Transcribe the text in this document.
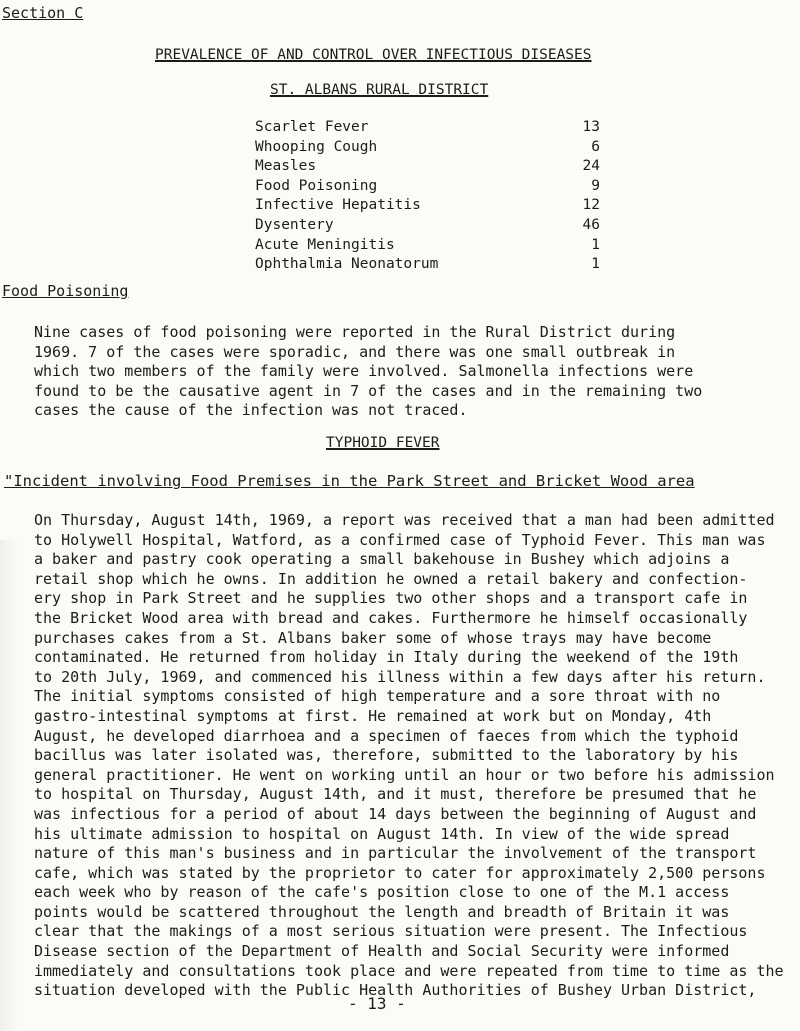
Section C
PREVALENCE OF AND CONTROL OVER INFECTIOUS DISEASES
ST. ALBANS RURAL DISTRICT
Scarlet Fever	13
Whooping Cough	6
Measles	24
Food Poisoning	9
Infective Hepatitis	12
Dysentery	46
Acute Meningitis	1
Ophthalmia Neonatorum	1
Food Poisoning
Nine cases of food poisoning were reported in the Rural District during
1969. 7 of the cases were sporadic, and there was one small outbreak in
which two members of the family were involved. Salmonella infections were
found to be the causative agent in 7 of the cases and in the remaining two
cases the cause of the infection was not traced.
TYPHOID FEVER
"Incident involving Food Premises in the Park Street and Bricket Wood area
On Thursday, August 14th, 1969, a report was received that a man had been admitted
to Holywell Hospital, Watford, as a confirmed case of Typhoid Fever. This man was
a baker and pastry cook operating a small bakehouse in Bushey which adjoins a
retail shop which he owns. In addition he owned a retail bakery and confection-
ery shop in Park Street and he supplies two other shops and a transport cafe in
the Bricket Wood area with bread and cakes. Furthermore he himself occasionally
purchases cakes from a St. Albans baker some of whose trays may have become
contaminated. He returned from holiday in Italy during the weekend of the 19th
to 20th July, 1969, and commenced his illness within a few days after his return.
The initial symptoms consisted of high temperature and a sore throat with no
gastro-intestinal symptoms at first. He remained at work but on Monday, 4th
August, he developed diarrhoea and a specimen of faeces from which the typhoid
bacillus was later isolated was, therefore, submitted to the laboratory by his
general practitioner. He went on working until an hour or two before his admission
to hospital on Thursday, August 14th, and it must, therefore be presumed that he
was infectious for a period of about 14 days between the beginning of August and
his ultimate admission to hospital on August 14th. In view of the wide spread
nature of this man's business and in particular the involvement of the transport
cafe, which was stated by the proprietor to cater for approximately 2,500 persons
each week who by reason of the cafe's position close to one of the M.1 access
points would be scattered throughout the length and breadth of Britain it was
clear that the makings of a most serious situation were present. The Infectious
Disease section of the Department of Health and Social Security were informed
immediately and consultations took place and were repeated from time to time as the
situation developed with the Public Health Authorities of Bushey Urban District,
- 13 -
